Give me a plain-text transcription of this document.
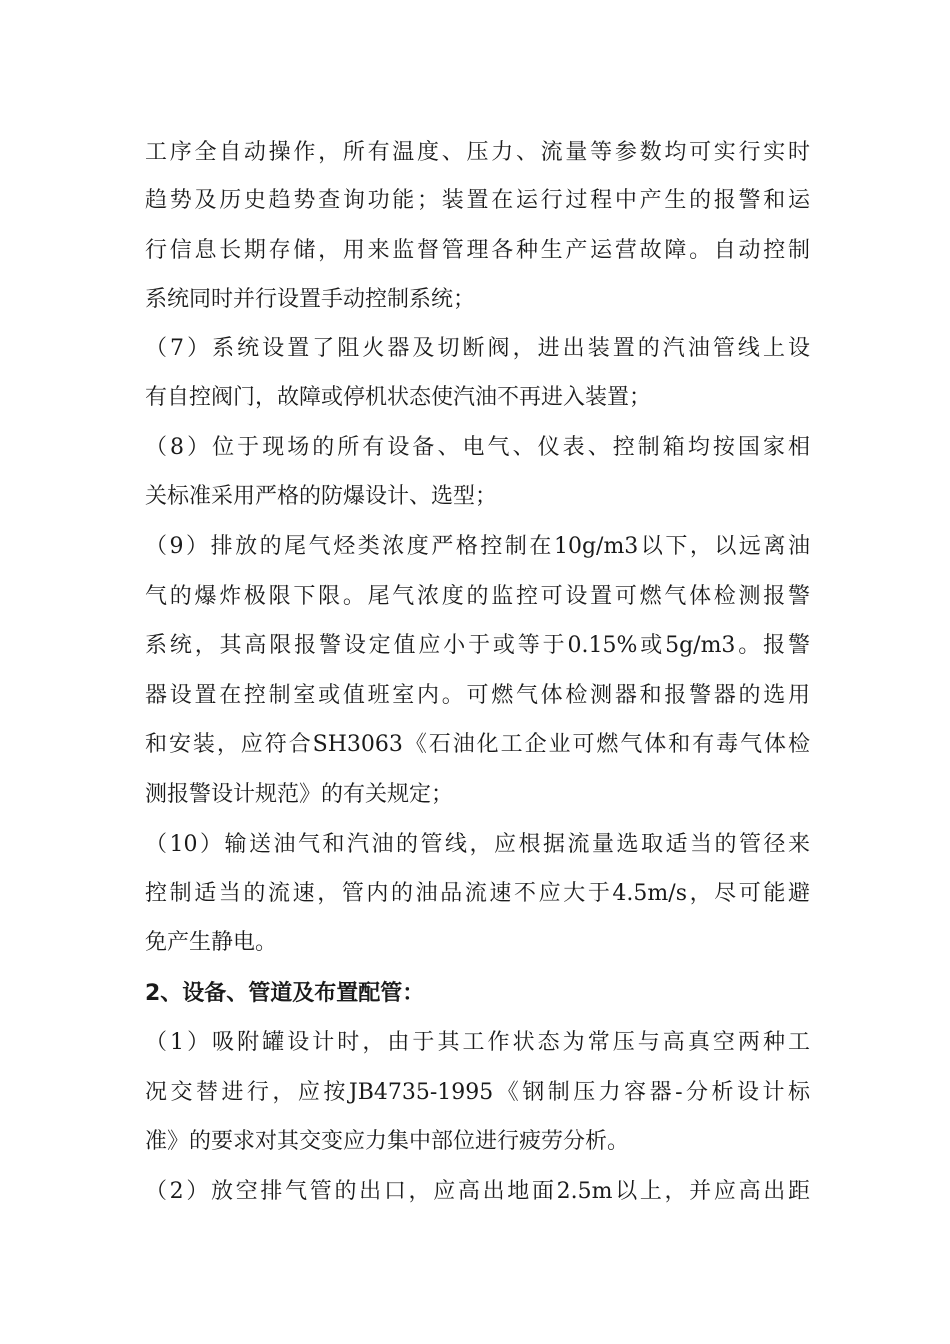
工序全自动操作，所有温度、压力、流量等参数均可实行实时
趋势及历史趋势查询功能；装置在运行过程中产生的报警和运
行信息长期存储，用来监督管理各种生产运营故障。自动控制
系统同时并行设置手动控制系统；
（7）系统设置了阻火器及切断阀，进出装置的汽油管线上设
有自控阀门，故障或停机状态使汽油不再进入装置；
（8）位于现场的所有设备、电气、仪表、控制箱均按国家相
关标准采用严格的防爆设计、选型；
（9）排放的尾气烃类浓度严格控制在10g/m3以下，以远离油
气的爆炸极限下限。尾气浓度的监控可设置可燃气体检测报警
系统，其高限报警设定值应小于或等于0.15%或5g/m3。报警
器设置在控制室或值班室内。可燃气体检测器和报警器的选用
和安装，应符合SH3063《石油化工企业可燃气体和有毒气体检
测报警设计规范》的有关规定；
（10）输送油气和汽油的管线，应根据流量选取适当的管径来
控制适当的流速，管内的油品流速不应大于4.5m/s，尽可能避
免产生静电。
2、设备、管道及布置配管：
（1）吸附罐设计时，由于其工作状态为常压与高真空两种工
况交替进行，应按JB4735-1995《钢制压力容器-分析设计标
准》的要求对其交变应力集中部位进行疲劳分析。
（2）放空排气管的出口，应高出地面2.5m以上，并应高出距
